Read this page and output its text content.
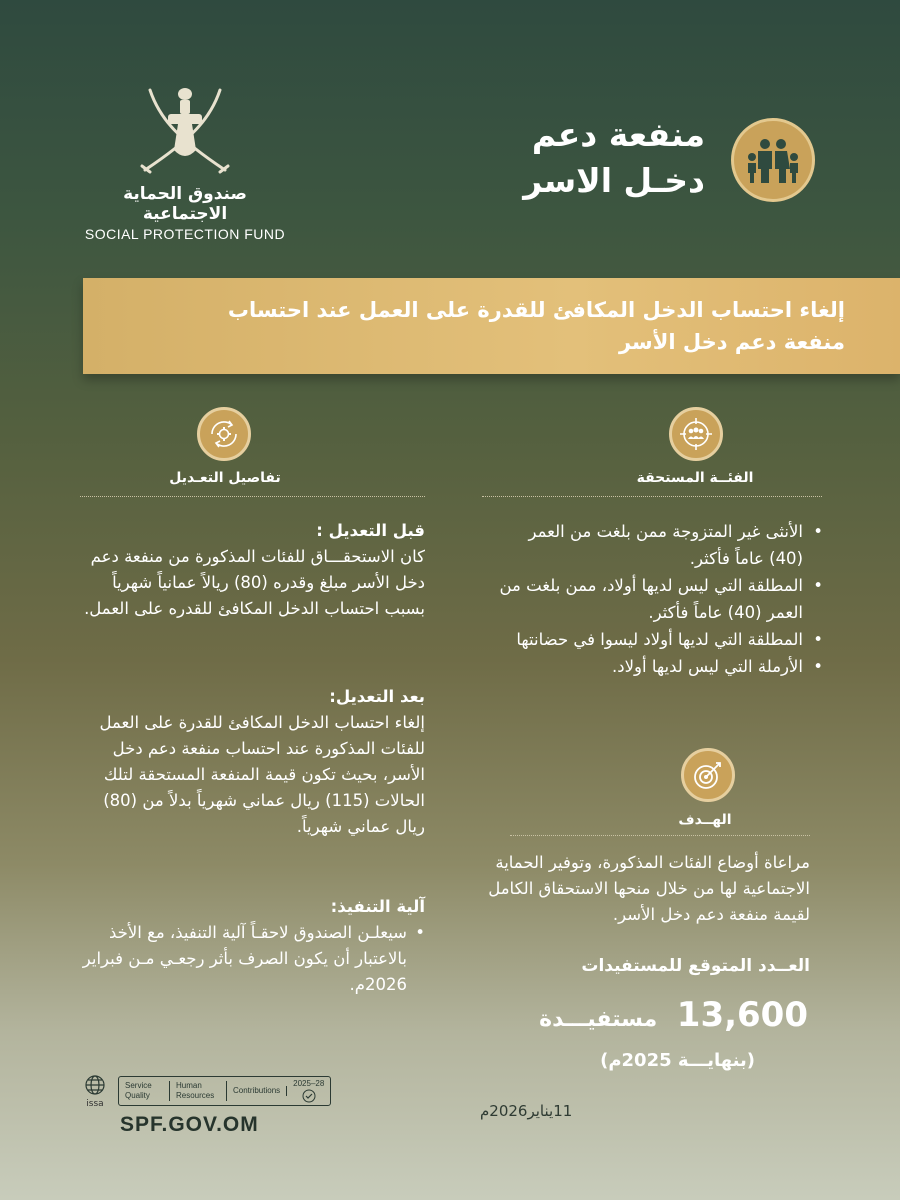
صندوق الحماية الاجتماعية
SOCIAL PROTECTION FUND
منفعة دعم
دخـل الاسر
إلغاء احتساب الدخل المكافئ للقدرة على العمل عند احتساب
منفعة دعم دخل الأسر
الفئــة المستحقة
• الأنثى غير المتزوجة ممن بلغت من العمر (40) عاماً فأكثر.
• المطلقة التي ليس لديها أولاد، ممن بلغت من العمر (40) عاماً فأكثر.
• المطلقة التي لديها أولاد ليسوا في حضانتها
• الأرملة التي ليس لديها أولاد.
الهــدف
مراعاة أوضاع الفئات المذكورة، وتوفير الحماية الاجتماعية لها من خلال منحها الاستحقاق الكامل لقيمة منفعة دعم دخل الأسر.
العــدد المتوقع للمستفيدات
13,600 مستفيـــدة
(بنهايـــة 2025م)
تفاصيل التعـديل
قبل التعديل :

كان الاستحقـــاق للفئات المذكورة من منفعة دعم دخل الأسر مبلغ وقدره (80) ريالاً عمانياً شهرياً بسبب احتساب الدخل المكافئ للقدره على العمل.

بعد التعديل:

إلغاء احتساب الدخل المكافئ للقدرة على العمل للفئات المذكورة عند احتساب منفعة دعم دخل الأسر، بحيث تكون قيمة المنفعة المستحقة لتلك الحالات (115) ريال عماني شهرياً بدلاً من (80) ريال عماني شهرياً.

آلية التنفيذ:
• سيعلـن الصندوق لاحقـاً آلية التنفيذ، مع الأخذ بالاعتبار أن يكون الصرف بأثر رجعـي مـن فبراير 2026م.
issa
Service Quality
Human Resources
Contributions
2025–28
SPF.GOV.OM
11يناير2026م
